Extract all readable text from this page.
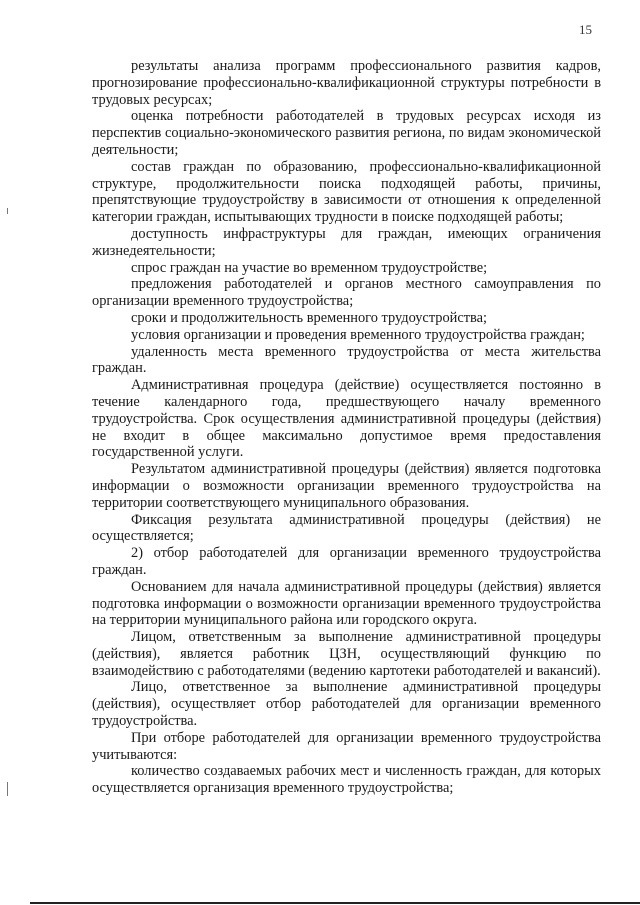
15

результаты анализа программ профессионального развития кадров, прогнозирование профессионально-квалификационной структуры потребности в трудовых ресурсах;

оценка потребности работодателей в трудовых ресурсах исходя из перспектив социально-экономического развития региона, по видам экономической деятельности;

состав граждан по образованию, профессионально-квалификационной структуре, продолжительности поиска подходящей работы, причины, препятствующие трудоустройству в зависимости от отношения к определенной категории граждан, испытывающих трудности в поиске подходящей работы;

доступность инфраструктуры для граждан, имеющих ограничения жизнедеятельности;

спрос граждан на участие во временном трудоустройстве;

предложения работодателей и органов местного самоуправления по организации временного трудоустройства;

сроки и продолжительность временного трудоустройства;

условия организации и проведения временного трудоустройства граждан;

удаленность места временного трудоустройства от места жительства граждан.

Административная процедура (действие) осуществляется постоянно в течение календарного года, предшествующего началу временного трудоустройства. Срок осуществления административной процедуры (действия) не входит в общее максимально допустимое время предоставления государственной услуги.

Результатом административной процедуры (действия) является подготовка информации о возможности организации временного трудоустройства на территории соответствующего муниципального образования.

Фиксация результата административной процедуры (действия) не осуществляется;

2) отбор работодателей для организации временного трудоустройства граждан.

Основанием для начала административной процедуры (действия) является подготовка информации о возможности организации временного трудоустройства на территории муниципального района или городского округа.

Лицом, ответственным за выполнение административной процедуры (действия), является работник ЦЗН, осуществляющий функцию по взаимодействию с работодателями (ведению картотеки работодателей и вакансий).

Лицо, ответственное за выполнение административной процедуры (действия), осуществляет отбор работодателей для организации временного трудоустройства.

При отборе работодателей для организации временного трудоустройства учитываются:

количество создаваемых рабочих мест и численность граждан, для которых осуществляется организация временного трудоустройства;
